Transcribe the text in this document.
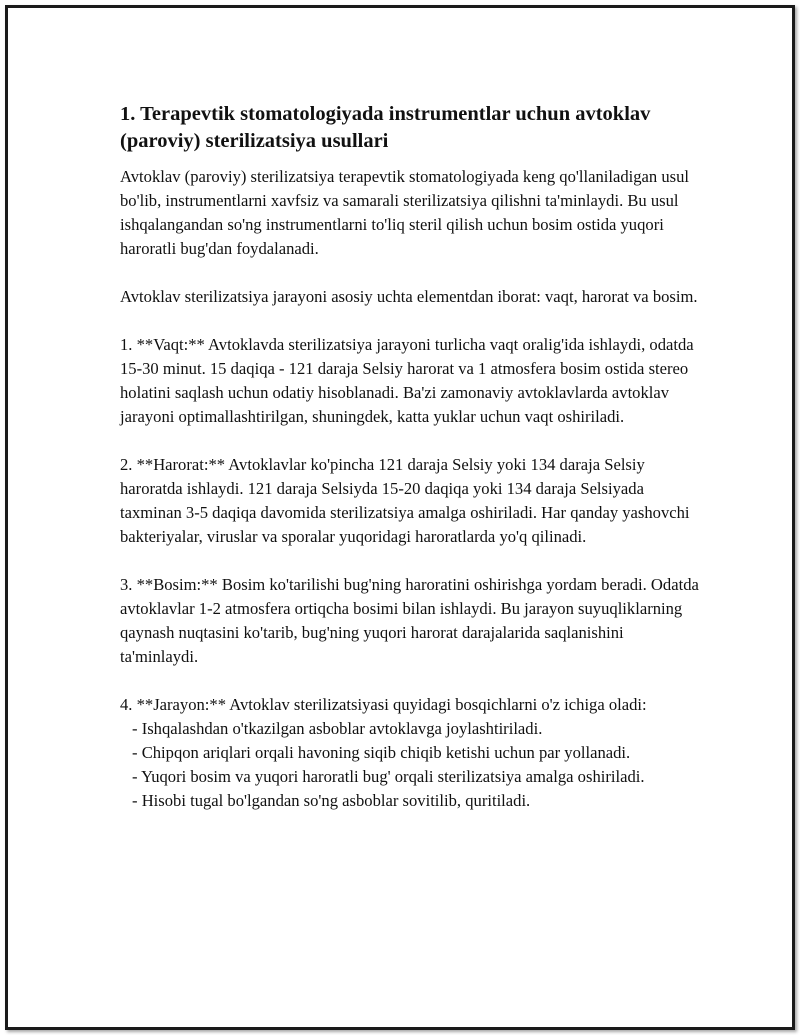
1. Terapevtik stomatologiyada instrumentlar uchun avtoklav (paroviy) sterilizatsiya usullari

Avtoklav (paroviy) sterilizatsiya terapevtik stomatologiyada keng qo'llaniladigan usul bo'lib, instrumentlarni xavfsiz va samarali sterilizatsiya qilishni ta'minlaydi. Bu usul ishqalangandan so'ng instrumentlarni to'liq steril qilish uchun bosim ostida yuqori haroratli bug'dan foydalanadi.

Avtoklav sterilizatsiya jarayoni asosiy uchta elementdan iborat: vaqt, harorat va bosim.

1. **Vaqt:** Avtoklavda sterilizatsiya jarayoni turlicha vaqt oralig'ida ishlaydi, odatda 15-30 minut. 15 daqiqa - 121 daraja Selsiy harorat va 1 atmosfera bosim ostida stereo holatini saqlash uchun odatiy hisoblanadi. Ba'zi zamonaviy avtoklavlarda avtoklav jarayoni optimallashtirilgan, shuningdek, katta yuklar uchun vaqt oshiriladi.

2. **Harorat:** Avtoklavlar ko'pincha 121 daraja Selsiy yoki 134 daraja Selsiy haroratda ishlaydi. 121 daraja Selsiyda 15-20 daqiqa yoki 134 daraja Selsiyada taxminan 3-5 daqiqa davomida sterilizatsiya amalga oshiriladi. Har qanday yashovchi bakteriyalar, viruslar va sporalar yuqoridagi haroratlarda yo'q qilinadi.

3. **Bosim:** Bosim ko'tarilishi bug'ning haroratini oshirishga yordam beradi. Odatda avtoklavlar 1-2 atmosfera ortiqcha bosimi bilan ishlaydi. Bu jarayon suyuqliklarning qaynash nuqtasini ko'tarib, bug'ning yuqori harorat darajalarida saqlanishini ta'minlaydi.

4. **Jarayon:** Avtoklav sterilizatsiyasi quyidagi bosqichlarni o'z ichiga oladi:

- Ishqalashdan o'tkazilgan asboblar avtoklavga joylashtiriladi.
- Chipqon ariqlari orqali havoning siqib chiqib ketishi uchun par yollanadi.
- Yuqori bosim va yuqori haroratli bug' orqali sterilizatsiya amalga oshiriladi.
- Hisobi tugal bo'lgandan so'ng asboblar sovitilib, quritiladi.
